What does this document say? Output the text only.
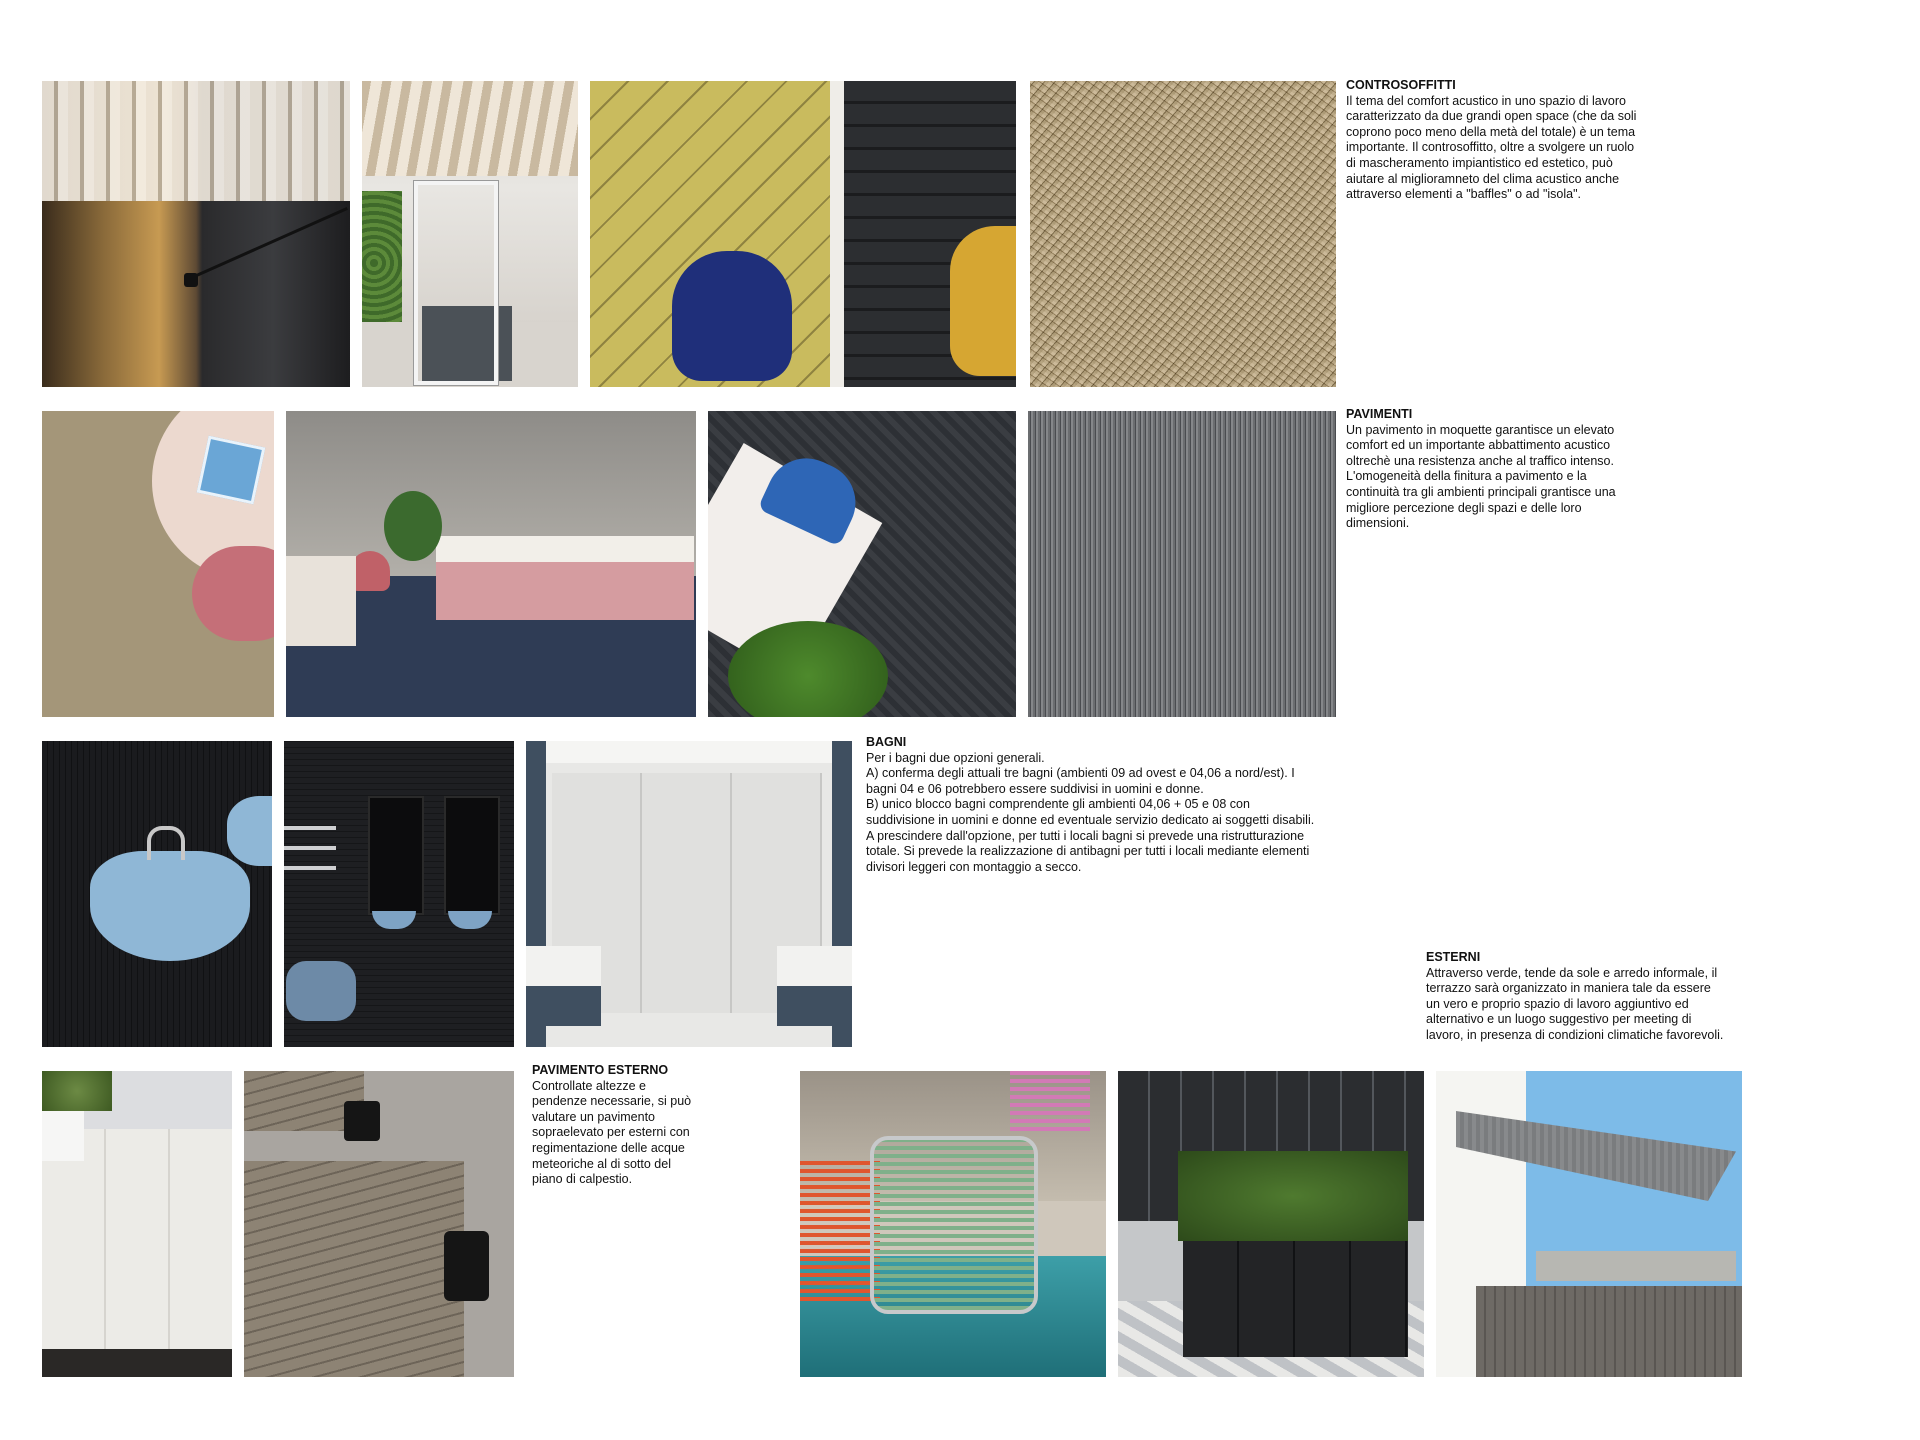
CONTROSOFFITTI

Il tema del comfort acustico in uno spazio di lavoro
caratterizzato da due grandi open space (che da soli
coprono poco meno della metà del totale) è un tema
importante. Il controsoffitto, oltre a svolgere un ruolo
di mascheramento impiantistico ed estetico, può
aiutare al miglioramneto del clima acustico anche
attraverso elementi a "baffles" o ad "isola".

PAVIMENTI

Un pavimento in moquette garantisce un elevato
comfort ed un importante abbattimento acustico
oltrechè una resistenza anche al traffico intenso.
L'omogeneità della finitura a pavimento e la
continuità tra gli ambienti principali grantisce una
migliore percezione degli spazi e delle loro
dimensioni.

BAGNI

Per i bagni due opzioni generali.
A) conferma degli attuali tre bagni (ambienti 09 ad ovest e 04,06 a nord/est). I
bagni 04 e 06 potrebbero essere suddivisi in uomini e donne.
B) unico blocco bagni comprendente gli ambienti 04,06 + 05 e 08 con
suddivisione in uomini e donne ed eventuale servizio dedicato ai soggetti disabili.
A prescindere dall'opzione, per tutti i locali bagni si prevede una ristrutturazione
totale. Si prevede la realizzazione di antibagni per tutti i locali mediante elementi
divisori leggeri con montaggio a secco.

ESTERNI

Attraverso verde, tende da sole e arredo informale, il
terrazzo sarà organizzato in maniera tale da essere
un vero e proprio spazio di lavoro aggiuntivo ed
alternativo e un luogo suggestivo per meeting di
lavoro, in presenza di condizioni climatiche favorevoli.

PAVIMENTO ESTERNO

Controllate altezze e
pendenze necessarie, si può
valutare un pavimento
sopraelevato per esterni con
regimentazione delle acque
meteoriche al di sotto del
piano di calpestio.
